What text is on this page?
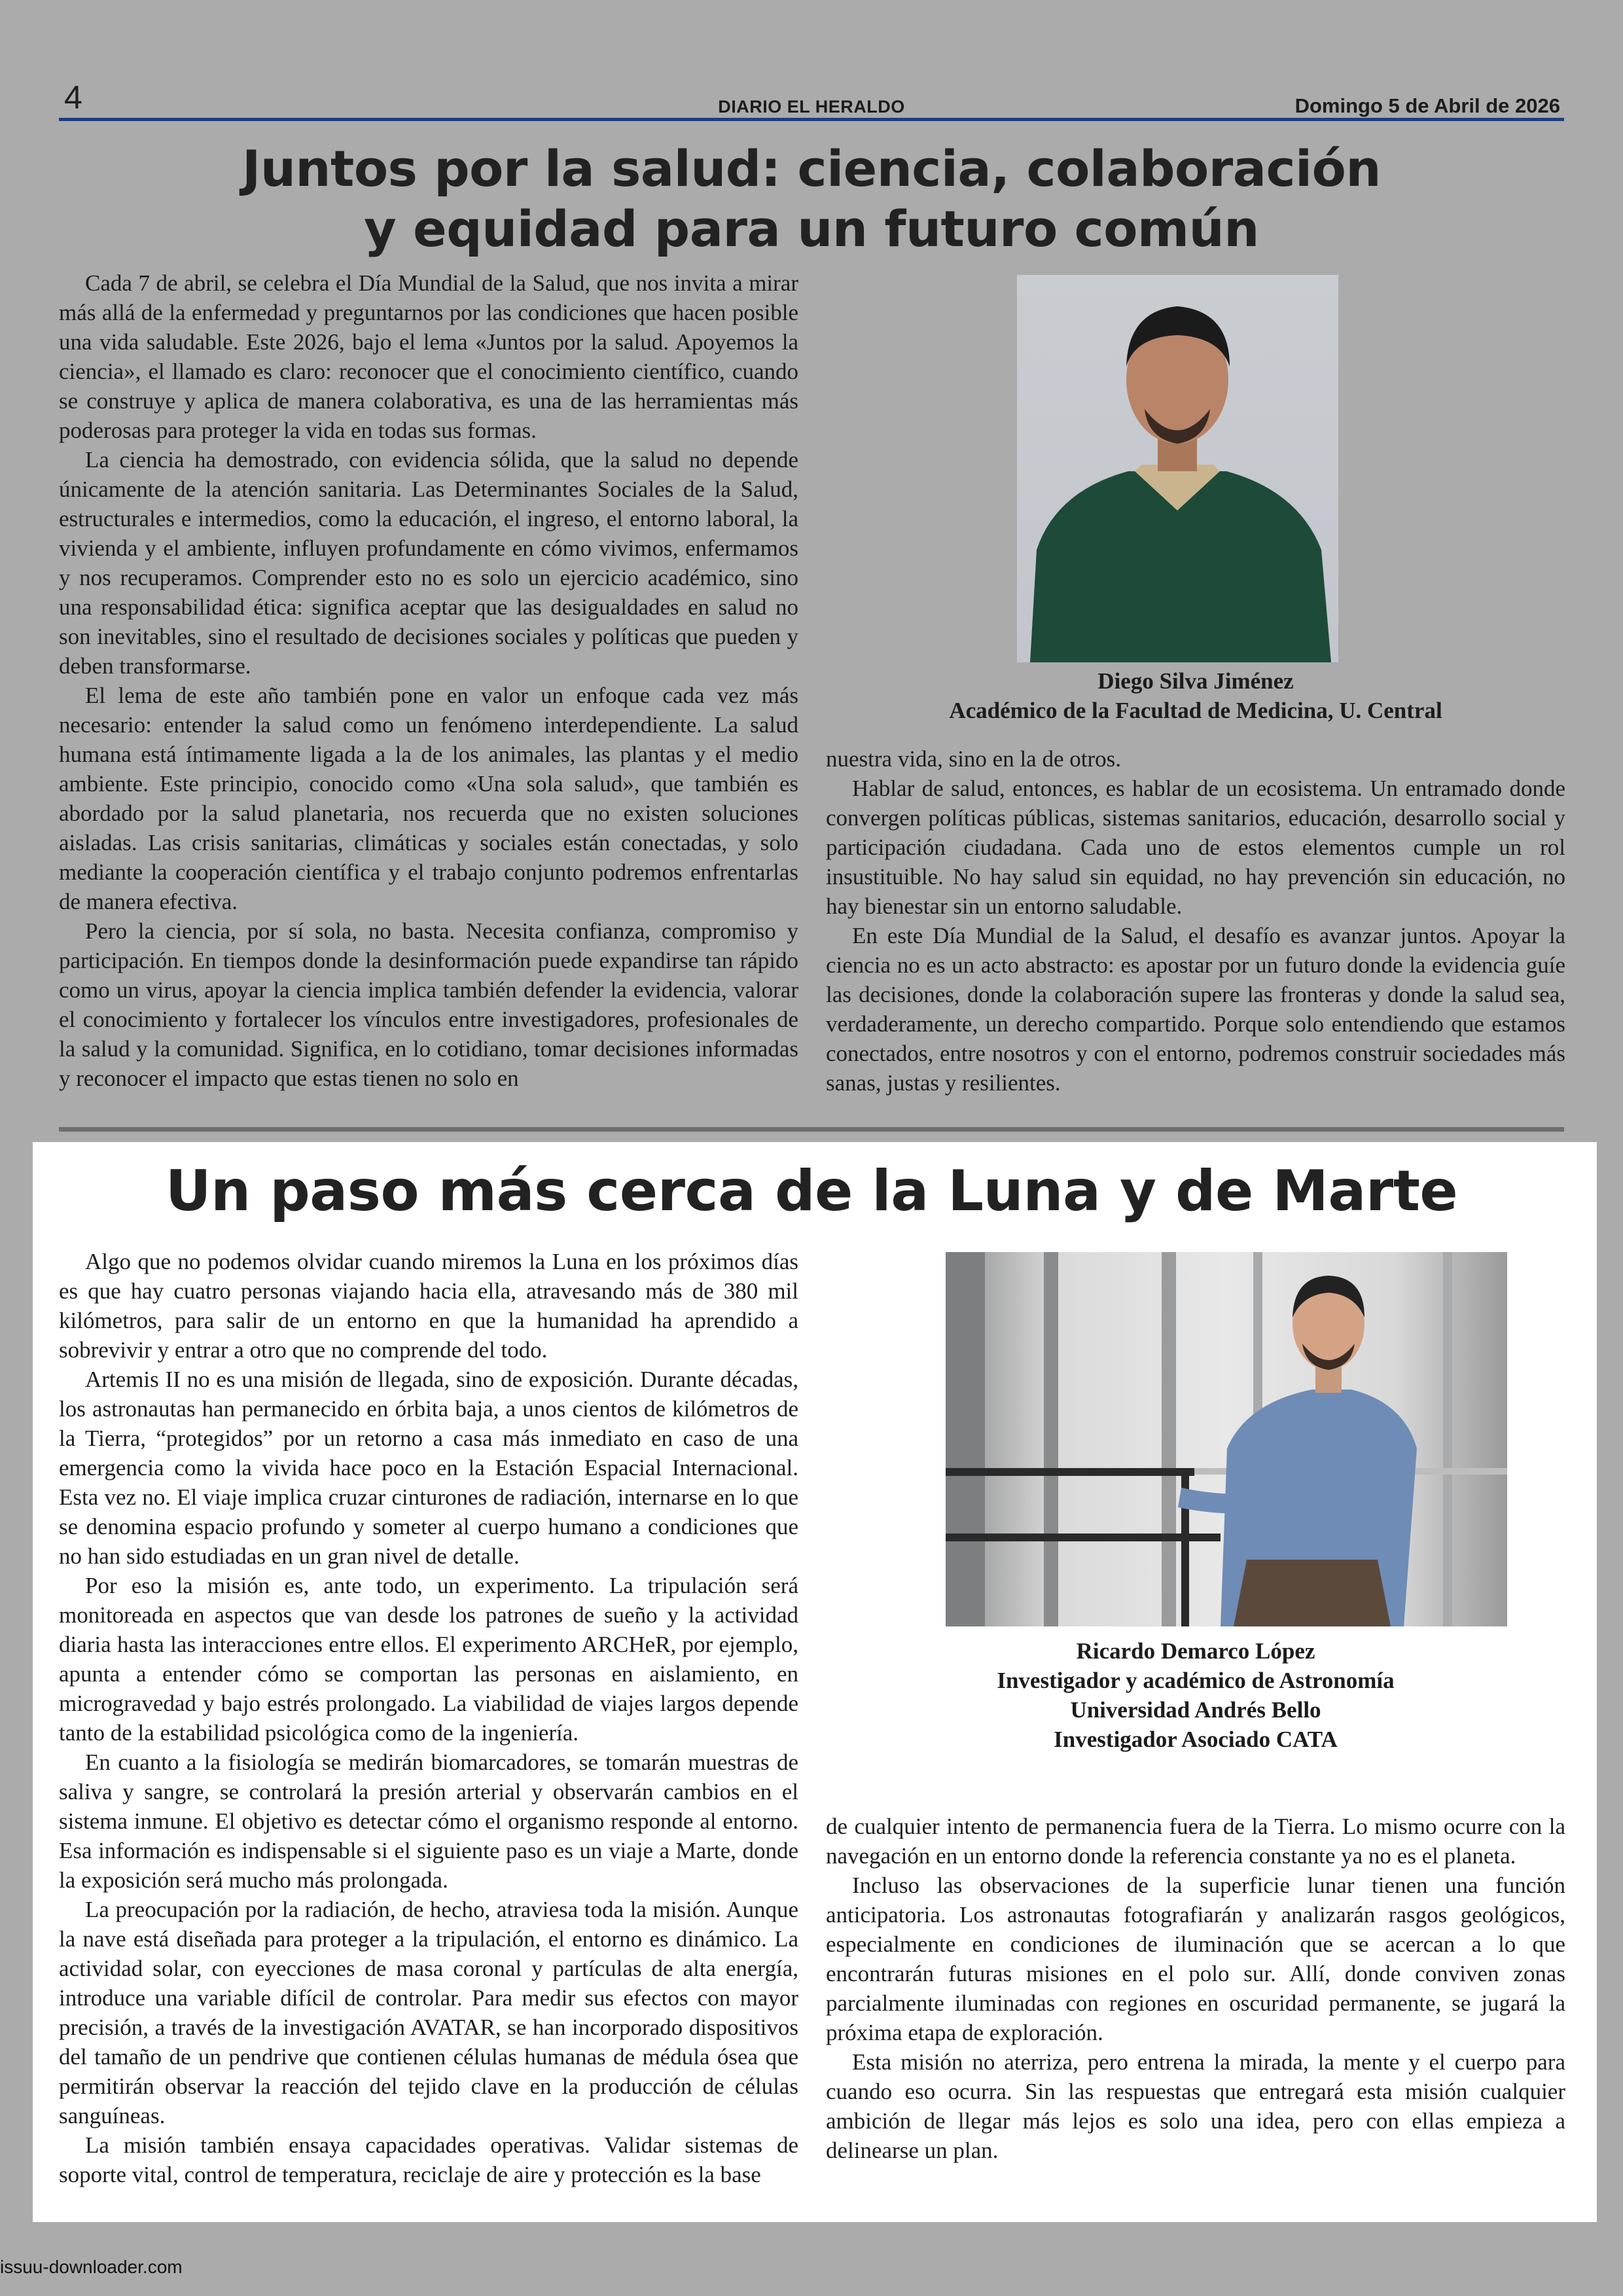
4	DIARIO EL HERALDO	Domingo 5 de Abril de 2026
Juntos por la salud: ciencia, colaboración
y equidad para un futuro común

Cada 7 de abril, se celebra el Día Mundial de la Salud, que nos invita a mirar más allá de la enfermedad y preguntarnos por las condiciones que hacen posible una vida saludable. Este 2026, bajo el lema «Juntos por la salud. Apoyemos la ciencia», el llamado es claro: reconocer que el conocimiento científico, cuando se construye y aplica de manera colaborativa, es una de las herramientas más poderosas para proteger la vida en todas sus formas.

La ciencia ha demostrado, con evidencia sólida, que la salud no depende únicamente de la atención sanitaria. Las Determinantes Sociales de la Salud, estructurales e intermedios, como la educación, el ingreso, el entorno laboral, la vivienda y el ambiente, influyen profundamente en cómo vivimos, enfermamos y nos recuperamos. Comprender esto no es solo un ejercicio académico, sino una responsabilidad ética: significa aceptar que las desigualdades en salud no son inevitables, sino el resultado de decisiones sociales y políticas que pueden y deben transformarse.

El lema de este año también pone en valor un enfoque cada vez más necesario: entender la salud como un fenómeno interdependiente. La salud humana está íntimamente ligada a la de los animales, las plantas y el medio ambiente. Este principio, conocido como «Una sola salud», que también es abordado por la salud planetaria, nos recuerda que no existen soluciones aisladas. Las crisis sanitarias, climáticas y sociales están conectadas, y solo mediante la cooperación científica y el trabajo conjunto podremos enfrentarlas de manera efectiva.

Pero la ciencia, por sí sola, no basta. Necesita confianza, compromiso y participación. En tiempos donde la desinformación puede expandirse tan rápido como un virus, apoyar la ciencia implica también defender la evidencia, valorar el conocimiento y fortalecer los vínculos entre investigadores, profesionales de la salud y la comunidad. Significa, en lo cotidiano, tomar decisiones informadas y reconocer el impacto que estas tienen no solo en

Diego Silva Jiménez
Académico de la Facultad de Medicina, U. Central

nuestra vida, sino en la de otros.

Hablar de salud, entonces, es hablar de un ecosistema. Un entramado donde convergen políticas públicas, sistemas sanitarios, educación, desarrollo social y participación ciudadana. Cada uno de estos elementos cumple un rol insustituible. No hay salud sin equidad, no hay prevención sin educación, no hay bienestar sin un entorno saludable.

En este Día Mundial de la Salud, el desafío es avanzar juntos. Apoyar la ciencia no es un acto abstracto: es apostar por un futuro donde la evidencia guíe las decisiones, donde la colaboración supere las fronteras y donde la salud sea, verdaderamente, un derecho compartido. Porque solo entendiendo que estamos conectados, entre nosotros y con el entorno, podremos construir sociedades más sanas, justas y resilientes.

Un paso más cerca de la Luna y de Marte

Algo que no podemos olvidar cuando miremos la Luna en los próximos días es que hay cuatro personas viajando hacia ella, atravesando más de 380 mil kilómetros, para salir de un entorno en que la humanidad ha aprendido a sobrevivir y entrar a otro que no comprende del todo.

Artemis II no es una misión de llegada, sino de exposición. Durante décadas, los astronautas han permanecido en órbita baja, a unos cientos de kilómetros de la Tierra, “protegidos” por un retorno a casa más inmediato en caso de una emergencia como la vivida hace poco en la Estación Espacial Internacional. Esta vez no. El viaje implica cruzar cinturones de radiación, internarse en lo que se denomina espacio profundo y someter al cuerpo humano a condiciones que no han sido estudiadas en un gran nivel de detalle.

Por eso la misión es, ante todo, un experimento. La tripulación será monitoreada en aspectos que van desde los patrones de sueño y la actividad diaria hasta las interacciones entre ellos. El experimento ARCHeR, por ejemplo, apunta a entender cómo se comportan las personas en aislamiento, en microgravedad y bajo estrés prolongado. La viabilidad de viajes largos depende tanto de la estabilidad psicológica como de la ingeniería.

En cuanto a la fisiología se medirán biomarcadores, se tomarán muestras de saliva y sangre, se controlará la presión arterial y observarán cambios en el sistema inmune. El objetivo es detectar cómo el organismo responde al entorno. Esa información es indispensable si el siguiente paso es un viaje a Marte, donde la exposición será mucho más prolongada.

La preocupación por la radiación, de hecho, atraviesa toda la misión. Aunque la nave está diseñada para proteger a la tripulación, el entorno es dinámico. La actividad solar, con eyecciones de masa coronal y partículas de alta energía, introduce una variable difícil de controlar. Para medir sus efectos con mayor precisión, a través de la investigación AVATAR, se han incorporado dispositivos del tamaño de un pendrive que contienen células humanas de médula ósea que permitirán observar la reacción del tejido clave en la producción de células sanguíneas.

La misión también ensaya capacidades operativas. Validar sistemas de soporte vital, control de temperatura, reciclaje de aire y protección es la base

Ricardo Demarco López
Investigador y académico de Astronomía
Universidad Andrés Bello
Investigador Asociado CATA

de cualquier intento de permanencia fuera de la Tierra. Lo mismo ocurre con la navegación en un entorno donde la referencia constante ya no es el planeta.

Incluso las observaciones de la superficie lunar tienen una función anticipatoria. Los astronautas fotografiarán y analizarán rasgos geológicos, especialmente en condiciones de iluminación que se acercan a lo que encontrarán futuras misiones en el polo sur. Allí, donde conviven zonas parcialmente iluminadas con regiones en oscuridad permanente, se jugará la próxima etapa de exploración.

Esta misión no aterriza, pero entrena la mirada, la mente y el cuerpo para cuando eso ocurra. Sin las respuestas que entregará esta misión cualquier ambición de llegar más lejos es solo una idea, pero con ellas empieza a delinearse un plan.

issuu-downloader.com
